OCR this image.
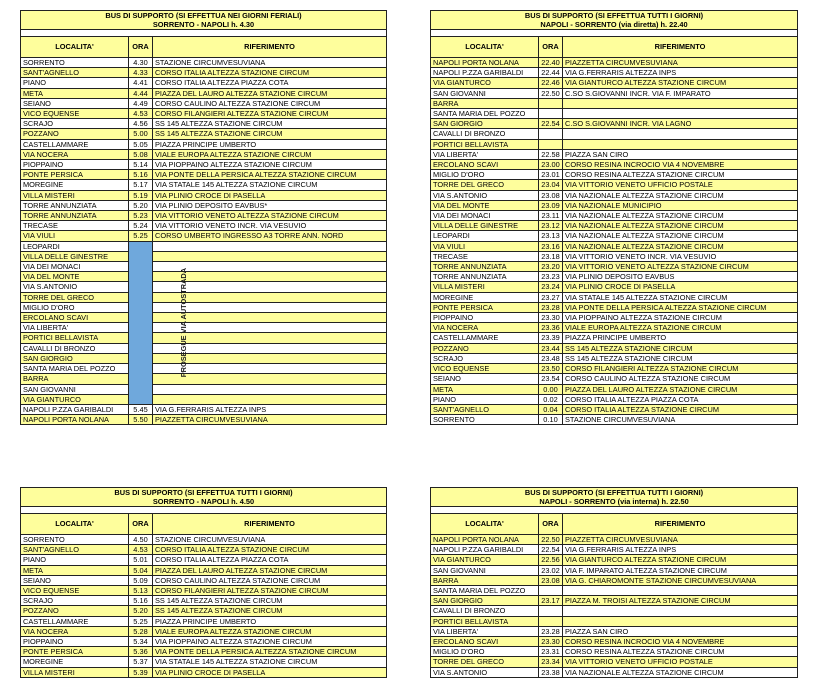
BUS DI SUPPORTO (SI EFFETTUA NEI GIORNI FERIALI)		
SORRENTO - NAPOLI h. 4.30		

LOCALITA'	ORA	RIFERIMENTO
SORRENTO	4.30	STAZIONE CIRCUMVESUVIANA
SANT'AGNELLO	4.33	CORSO ITALIA ALTEZZA STAZIONE CIRCUM
PIANO	4.41	CORSO ITALIA ALTEZZA PIAZZA COTA
META	4.44	PIAZZA DEL LAURO ALTEZZA STAZIONE CIRCUM
SEIANO	4.49	CORSO CAULINO ALTEZZA STAZIONE CIRCUM
VICO EQUENSE	4.53	CORSO FILANGIERI ALTEZZA STAZIONE CIRCUM
SCRAJO	4.56	SS 145 ALTEZZA STAZIONE CIRCUM
POZZANO	5.00	SS 145 ALTEZZA STAZIONE CIRCUM
CASTELLAMMARE	5.05	PIAZZA PRINCIPE UMBERTO
VIA NOCERA	5.08	VIALE EUROPA ALTEZZA STAZIONE CIRCUM
PIOPPAINO	5.14	VIA PIOPPAINO ALTEZZA STAZIONE CIRCUM
PONTE PERSICA	5.16	VIA PONTE DELLA PERSICA ALTEZZA STAZIONE CIRCUM
MOREGINE	5.17	VIA STATALE 145 ALTEZZA STAZIONE CIRCUM
VILLA MISTERI	5.19	VIA PLINIO CROCE DI PASELLA
TORRE ANNUNZIATA	5.20	VIA PLINIO DEPOSITO EAVBUS*
TORRE ANNUNZIATA	5.23	VIA VITTORIO VENETO ALTEZZA STAZIONE CIRCUM
TRECASE	5.24	VIA VITTORIO VENETO INCR. VIA VESUVIO
VIA VIULI	5.25	CORSO UMBERTO INGRESSO A3 TORRE ANN. NORD
LEOPARDI	PROSEGUE VIA AUTOSTRADA	
VILLA DELLE GINESTRE		
VIA DEI MONACI		
VIA DEL MONTE		
VIA S.ANTONIO		
TORRE DEL GRECO		
MIGLIO D'ORO		
ERCOLANO SCAVI		
VIA LIBERTA'		
PORTICI BELLAVISTA		
CAVALLI DI BRONZO		
SAN GIORGIO		
SANTA MARIA DEL POZZO		
BARRA		
SAN GIOVANNI		
VIA GIANTURCO		
NAPOLI P.ZZA GARIBALDI	5.45	VIA G.FERRARIS ALTEZZA INPS
NAPOLI PORTA NOLANA	5.50	PIAZZETTA CIRCUMVESUVIANA
BUS DI SUPPORTO (SI EFFETTUA TUTTI I GIORNI)		
NAPOLI - SORRENTO (via diretta) h. 22.40		

LOCALITA'	ORA	RIFERIMENTO
NAPOLI PORTA NOLANA	22.40	PIAZZETTA CIRCUMVESUVIANA
NAPOLI P.ZZA GARIBALDI	22.44	VIA G.FERRARIS ALTEZZA INPS
VIA GIANTURCO	22.46	VIA GIANTURCO ALTEZZA STAZIONE CIRCUM
SAN GIOVANNI	22.50	C.SO S.GIOVANNI INCR. VIA F. IMPARATO
BARRA		
SANTA MARIA DEL POZZO		
SAN GIORGIO	22.54	C.SO S.GIOVANNI INCR. VIA LAGNO
CAVALLI DI BRONZO		
PORTICI BELLAVISTA		
VIA LIBERTA'	22.58	PIAZZA SAN CIRO
ERCOLANO SCAVI	23.00	CORSO RESINA INCROCIO VIA 4 NOVEMBRE
MIGLIO D'ORO	23.01	CORSO RESINA ALTEZZA STAZIONE CIRCUM
TORRE DEL GRECO	23.04	VIA VITTORIO VENETO UFFICIO POSTALE
VIA S.ANTONIO	23.08	VIA NAZIONALE ALTEZZA STAZIONE CIRCUM
VIA DEL MONTE	23.09	VIA NAZIONALE MUNICIPIO
VIA DEI MONACI	23.11	VIA NAZIONALE ALTEZZA STAZIONE CIRCUM
VILLA DELLE GINESTRE	23.12	VIA NAZIONALE ALTEZZA STAZIONE CIRCUM
LEOPARDI	23.13	VIA NAZIONALE ALTEZZA STAZIONE CIRCUM
VIA VIULI	23.16	VIA NAZIONALE ALTEZZA STAZIONE CIRCUM
TRECASE	23.18	VIA VITTORIO VENETO INCR. VIA VESUVIO
TORRE ANNUNZIATA	23.20	VIA VITTORIO VENETO ALTEZZA STAZIONE CIRCUM
TORRE ANNUNZIATA	23.23	VIA PLINIO DEPOSITO EAVBUS
VILLA MISTERI	23.24	VIA PLINIO CROCE DI PASELLA
MOREGINE	23.27	VIA STATALE 145 ALTEZZA STAZIONE CIRCUM
PONTE PERSICA	23.28	VIA PONTE DELLA PERSICA ALTEZZA STAZIONE CIRCUM
PIOPPAINO	23.30	VIA PIOPPAINO ALTEZZA STAZIONE CIRCUM
VIA NOCERA	23.36	VIALE EUROPA ALTEZZA STAZIONE CIRCUM
CASTELLAMMARE	23.39	PIAZZA PRINCIPE UMBERTO
POZZANO	23.44	SS 145 ALTEZZA STAZIONE CIRCUM
SCRAJO	23.48	SS 145 ALTEZZA STAZIONE CIRCUM
VICO EQUENSE	23.50	CORSO FILANGIERI ALTEZZA STAZIONE CIRCUM
SEIANO	23.54	CORSO CAULINO ALTEZZA STAZIONE CIRCUM
META	0.00	PIAZZA DEL LAURO ALTEZZA STAZIONE CIRCUM
PIANO	0.02	CORSO ITALIA ALTEZZA PIAZZA COTA
SANT'AGNELLO	0.04	CORSO ITALIA ALTEZZA STAZIONE CIRCUM
SORRENTO	0.10	STAZIONE CIRCUMVESUVIANA
BUS DI SUPPORTO (SI EFFETTUA TUTTI I GIORNI)		
SORRENTO - NAPOLI h. 4.50		

LOCALITA'	ORA	RIFERIMENTO
SORRENTO	4.50	STAZIONE CIRCUMVESUVIANA
SANT'AGNELLO	4.53	CORSO ITALIA ALTEZZA STAZIONE CIRCUM
PIANO	5.01	CORSO ITALIA ALTEZZA PIAZZA COTA
META	5.04	PIAZZA DEL LAURO ALTEZZA STAZIONE CIRCUM
SEIANO	5.09	CORSO CAULINO ALTEZZA STAZIONE CIRCUM
VICO EQUENSE	5.13	CORSO FILANGIERI ALTEZZA STAZIONE CIRCUM
SCRAJO	5.16	SS 145 ALTEZZA STAZIONE CIRCUM
POZZANO	5.20	SS 145 ALTEZZA STAZIONE CIRCUM
CASTELLAMMARE	5.25	PIAZZA PRINCIPE UMBERTO
VIA NOCERA	5.28	VIALE EUROPA ALTEZZA STAZIONE CIRCUM
PIOPPAINO	5.34	VIA PIOPPAINO ALTEZZA STAZIONE CIRCUM
PONTE PERSICA	5.36	VIA PONTE DELLA PERSICA ALTEZZA STAZIONE CIRCUM
MOREGINE	5.37	VIA STATALE 145 ALTEZZA STAZIONE CIRCUM
VILLA MISTERI	5.39	VIA PLINIO CROCE DI PASELLA
BUS DI SUPPORTO (SI EFFETTUA TUTTI I GIORNI)		
NAPOLI - SORRENTO (via interna) h. 22.50		

LOCALITA'	ORA	RIFERIMENTO
NAPOLI PORTA NOLANA	22.50	PIAZZETTA CIRCUMVESUVIANA
NAPOLI P.ZZA GARIBALDI	22.54	VIA G.FERRARIS ALTEZZA INPS
VIA GIANTURCO	22.56	VIA GIANTURCO ALTEZZA STAZIONE CIRCUM
SAN GIOVANNI	23.02	VIA F. IMPARATO ALTEZZA STAZIONE CIRCUM
BARRA	23.08	VIA G. CHIAROMONTE STAZIONE CIRCUMVESUVIANA
SANTA MARIA DEL POZZO		
SAN GIORGIO	23.17	PIAZZA M. TROISI ALTEZZA STAZIONE CIRCUM
CAVALLI DI BRONZO		
PORTICI BELLAVISTA		
VIA LIBERTA'	23.28	PIAZZA SAN CIRO
ERCOLANO SCAVI	23.30	CORSO RESINA INCROCIO VIA 4 NOVEMBRE
MIGLIO D'ORO	23.31	CORSO RESINA ALTEZZA STAZIONE CIRCUM
TORRE DEL GRECO	23.34	VIA VITTORIO VENETO UFFICIO POSTALE
VIA S.ANTONIO	23.38	VIA NAZIONALE ALTEZZA STAZIONE CIRCUM
